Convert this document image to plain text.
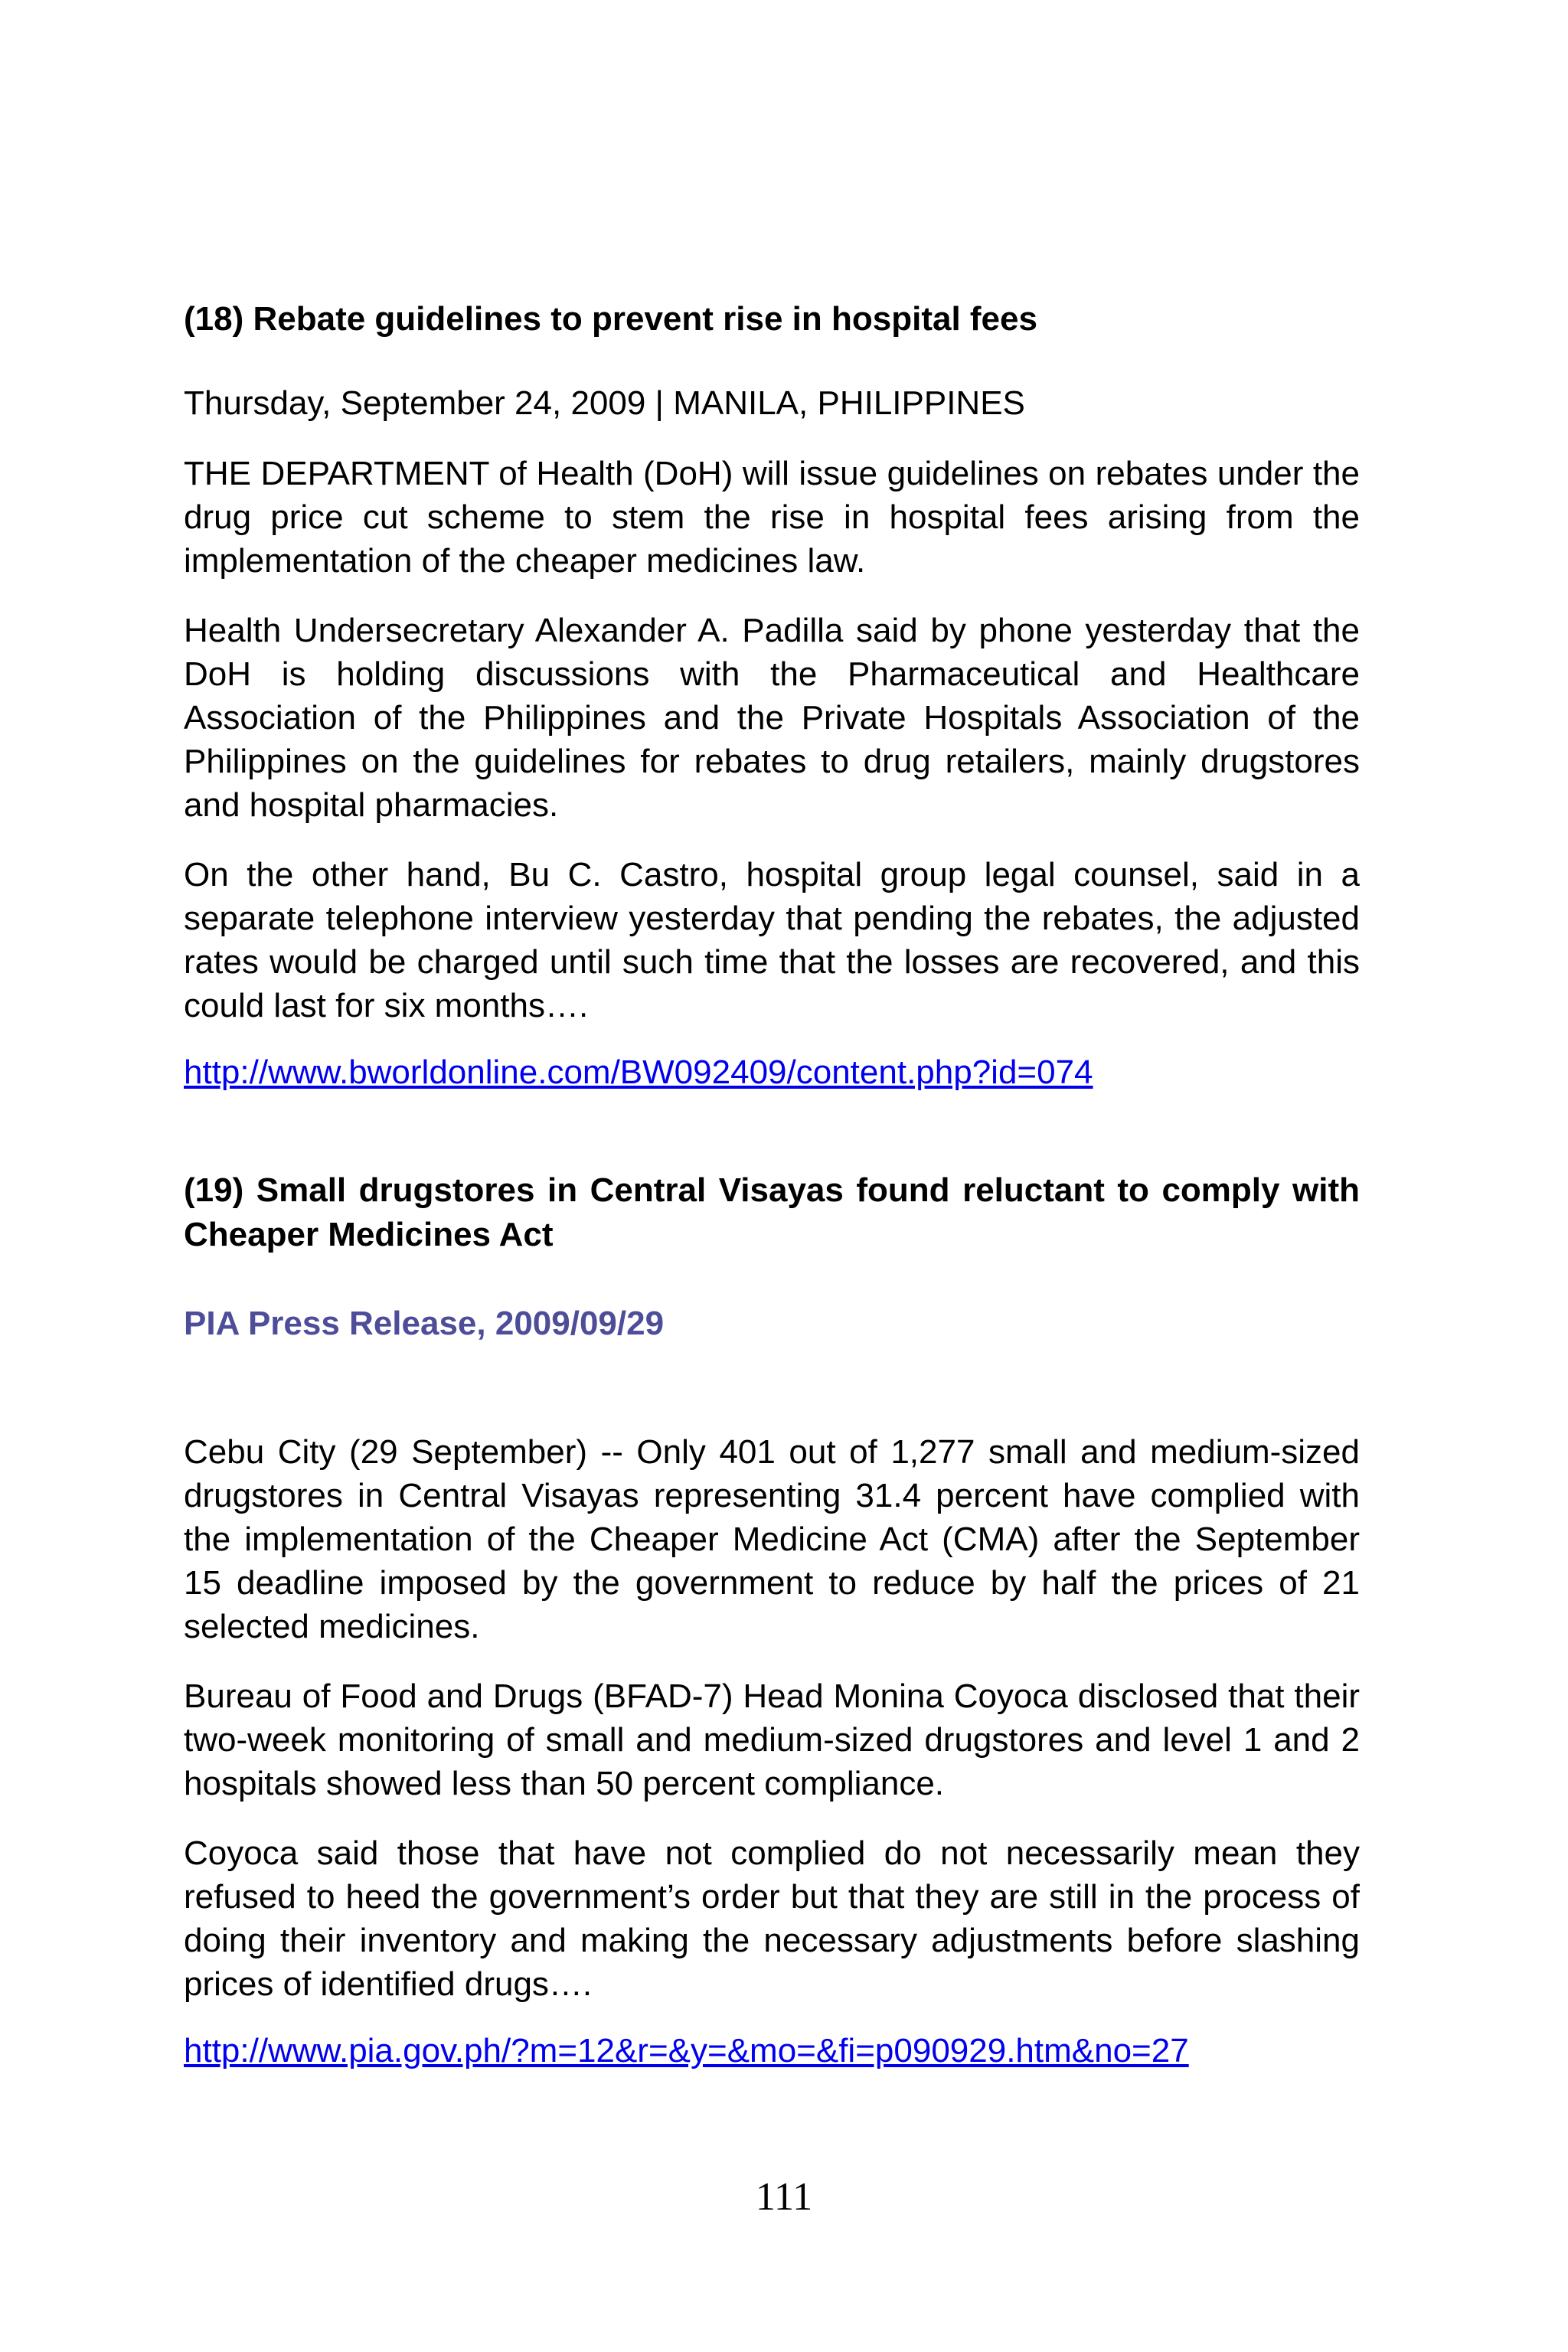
(18) Rebate guidelines to prevent rise in hospital fees

Thursday, September 24, 2009 | MANILA, PHILIPPINES

THE DEPARTMENT of Health (DoH) will issue guidelines on rebates under the drug price cut scheme to stem the rise in hospital fees arising from the implementation of the cheaper medicines law.

Health Undersecretary Alexander A. Padilla said by phone yesterday that the DoH is holding discussions with the Pharmaceutical and Healthcare Association of the Philippines and the Private Hospitals Association of the Philippines on the guidelines for rebates to drug retailers, mainly drugstores and hospital pharmacies.

On the other hand, Bu C. Castro, hospital group legal counsel, said in a separate telephone interview yesterday that pending the rebates, the adjusted rates would be charged until such time that the losses are recovered, and this could last for six months….

http://www.bworldonline.com/BW092409/content.php?id=074
(19) Small drugstores in Central Visayas found reluctant to comply with Cheaper Medicines Act

PIA Press Release, 2009/09/29

Cebu City (29 September) -- Only 401 out of 1,277 small and medium-sized drugstores in Central Visayas representing 31.4 percent have complied with the implementation of the Cheaper Medicine Act (CMA) after the September 15 deadline imposed by the government to reduce by half the prices of 21 selected medicines.

Bureau of Food and Drugs (BFAD-7) Head Monina Coyoca disclosed that their two-week monitoring of small and medium-sized drugstores and level 1 and 2 hospitals showed less than 50 percent compliance.

Coyoca said those that have not complied do not necessarily mean they refused to heed the government’s order but that they are still in the process of doing their inventory and making the necessary adjustments before slashing prices of identified drugs….

http://www.pia.gov.ph/?m=12&r=&y=&mo=&fi=p090929.htm&no=27
111
